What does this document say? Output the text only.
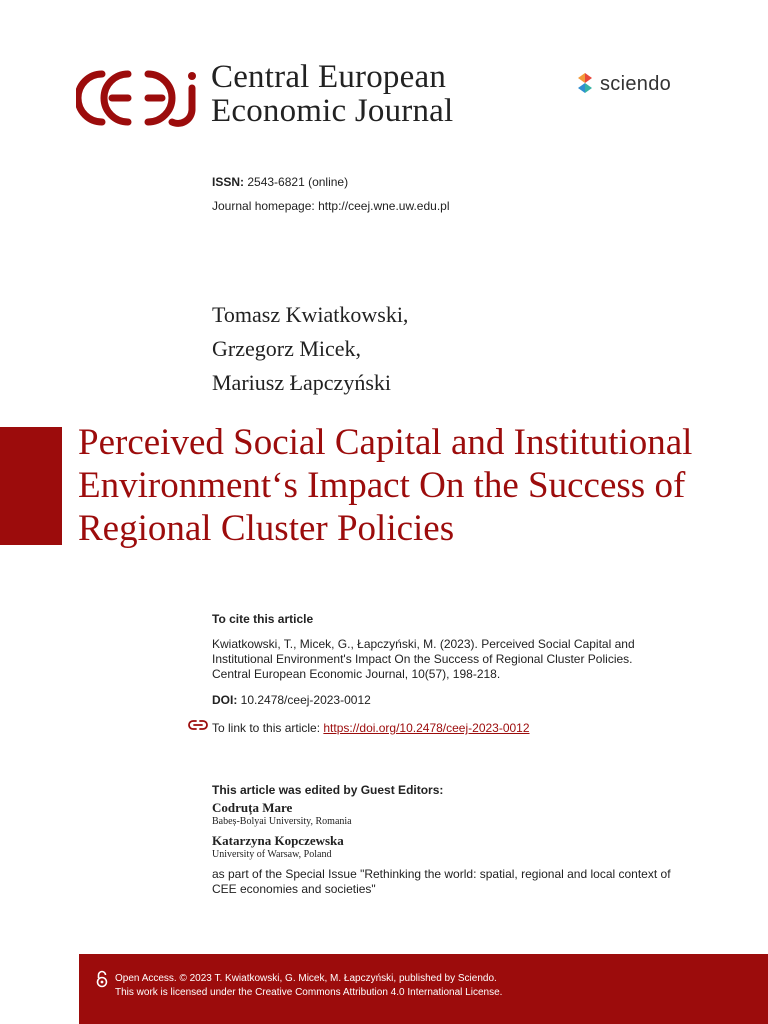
Central European
Economic Journal
sciendo
ISSN: 2543-6821 (online)
Journal homepage: http://ceej.wne.uw.edu.pl
Tomasz Kwiatkowski,
Grzegorz Micek,
Mariusz Łapczyński
Perceived Social Capital and Institutional Environment‘s Impact On the Success of Regional Cluster Policies
To cite this article
Kwiatkowski, T., Micek, G., Łapczyński, M. (2023). Perceived Social Capital and Institutional Environment's Impact On the Success of Regional Cluster Policies. Central European Economic Journal, 10(57), 198-218.
DOI: 10.2478/ceej-2023-0012
To link to this article: https://doi.org/10.2478/ceej-2023-0012
This article was edited by Guest Editors:
Codruța Mare
Babeș-Bolyai University, Romania
Katarzyna Kopczewska
University of Warsaw, Poland
as part of the Special Issue "Rethinking the world: spatial, regional and local context of CEE economies and societies"
Open Access. © 2023 T. Kwiatkowski, G. Micek, M. Łapczyński, published by Sciendo.
This work is licensed under the Creative Commons Attribution 4.0 International License.
